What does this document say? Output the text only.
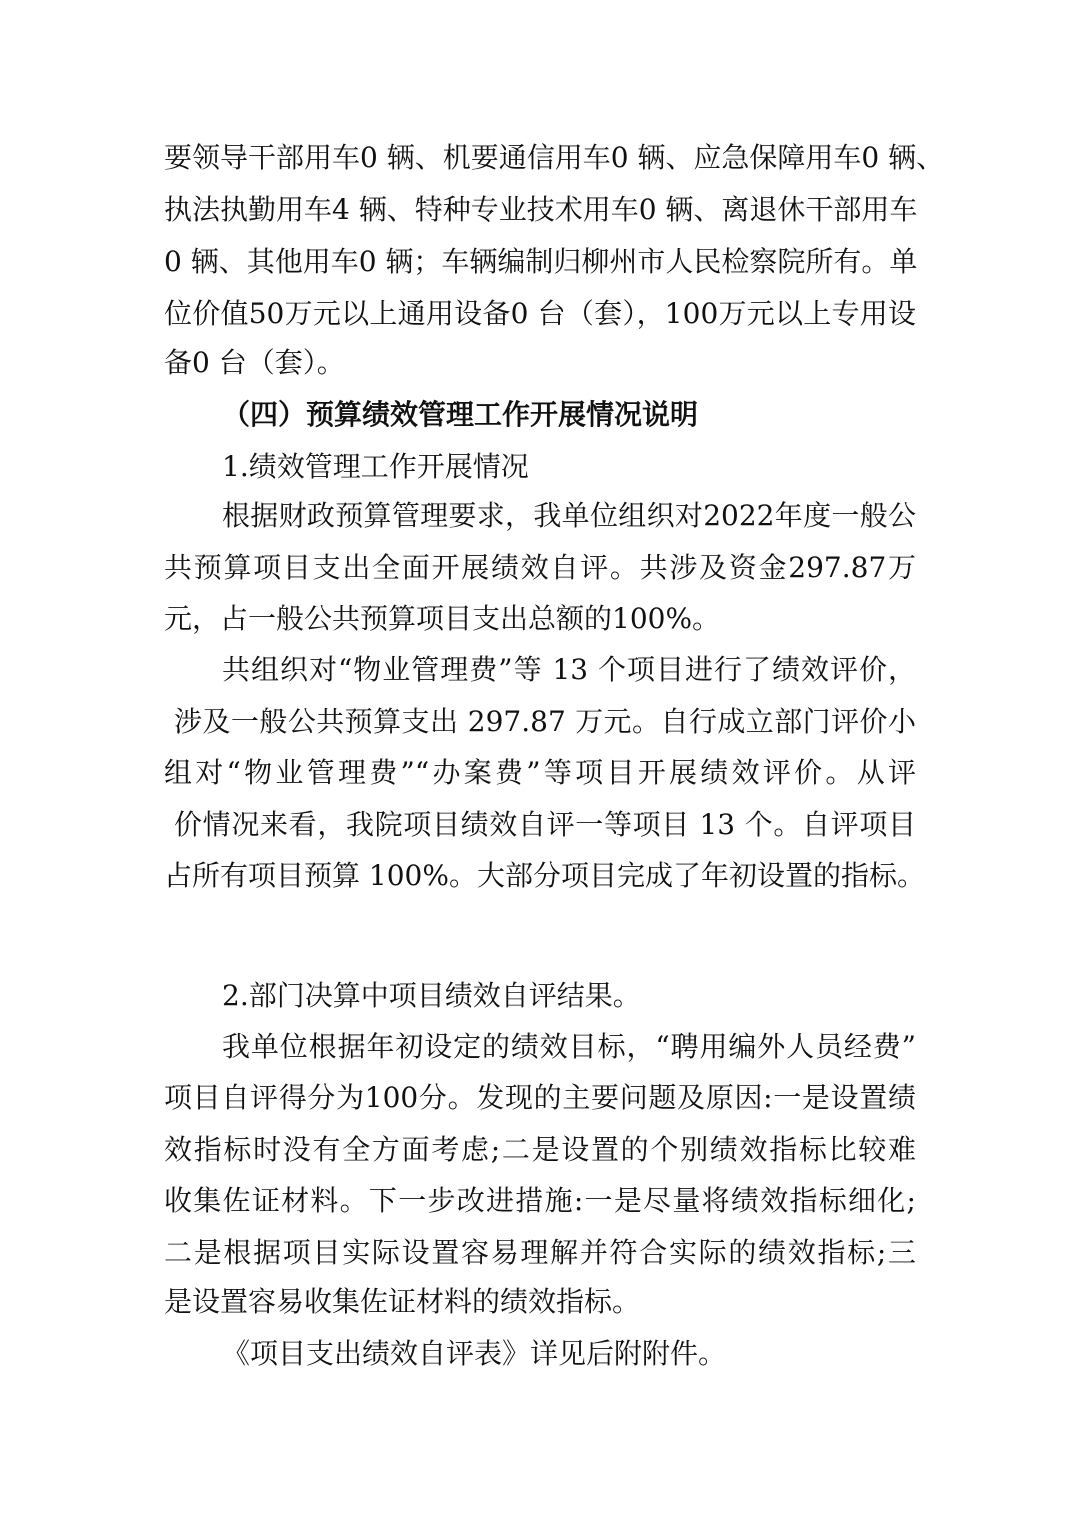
要领导干部用车0 辆、机要通信用车0 辆、应急保障用车0 辆、
执法执勤用车4 辆、特种专业技术用车0 辆、离退休干部用车
0 辆、其他用车0 辆；车辆编制归柳州市人民检察院所有。单
位价值50万元以上通用设备0 台（套），100万元以上专用设
备0 台（套）。
（四）预算绩效管理工作开展情况说明
1.绩效管理工作开展情况
根据财政预算管理要求，我单位组织对2022年度一般公
共预算项目支出全面开展绩效自评。共涉及资金297.87万
元，占一般公共预算项目支出总额的100%。
共组织对“物业管理费”等 13 个项目进行了绩效评价，
涉及一般公共预算支出 297.87 万元。自行成立部门评价小
组对“物业管理费”“办案费”等项目开展绩效评价。从评
价情况来看，我院项目绩效自评一等项目 13 个。自评项目
占所有项目预算 100%。大部分项目完成了年初设置的指标。
2.部门决算中项目绩效自评结果。
我单位根据年初设定的绩效目标，“聘用编外人员经费”
项目自评得分为100分。发现的主要问题及原因:一是设置绩
效指标时没有全方面考虑;二是设置的个别绩效指标比较难
收集佐证材料。下一步改进措施:一是尽量将绩效指标细化;
二是根据项目实际设置容易理解并符合实际的绩效指标;三
是设置容易收集佐证材料的绩效指标。
《项目支出绩效自评表》详见后附附件。
